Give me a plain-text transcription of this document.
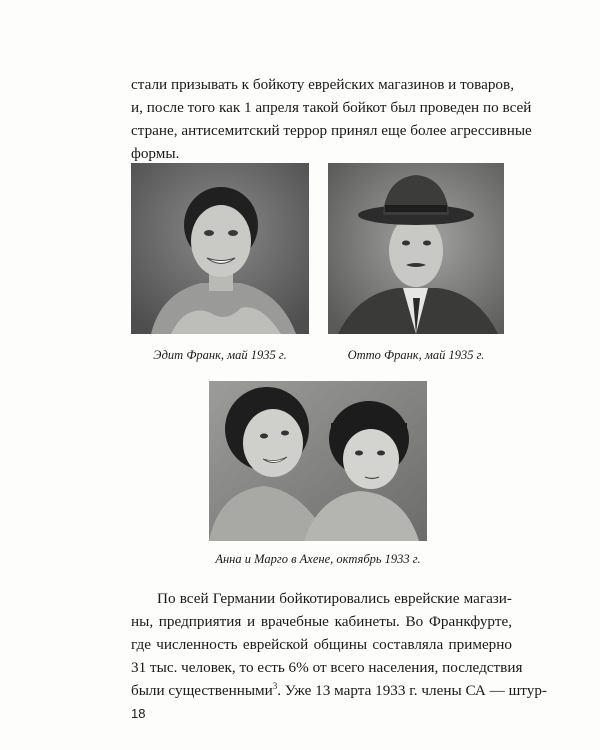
стали призывать к бойкоту еврейских магазинов и товаров,
и, после того как 1 апреля такой бойкот был проведен по всей
стране, антисемитский террор принял еще более агрессивные
формы.
Эдит Франк, май 1935 г.	Отто Франк, май 1935 г.
Анна и Марго в Ахене, октябрь 1933 г.
По всей Германии бойкотировались еврейские магази-
ны, предприятия и врачебные кабинеты. Во Франкфурте,
где численность еврейской общины составляла примерно
31 тыс. человек, то есть 6% от всего населения, последствия
были существенными$^3$. Уже 13 марта 1933 г. члены СА — штур-
18
